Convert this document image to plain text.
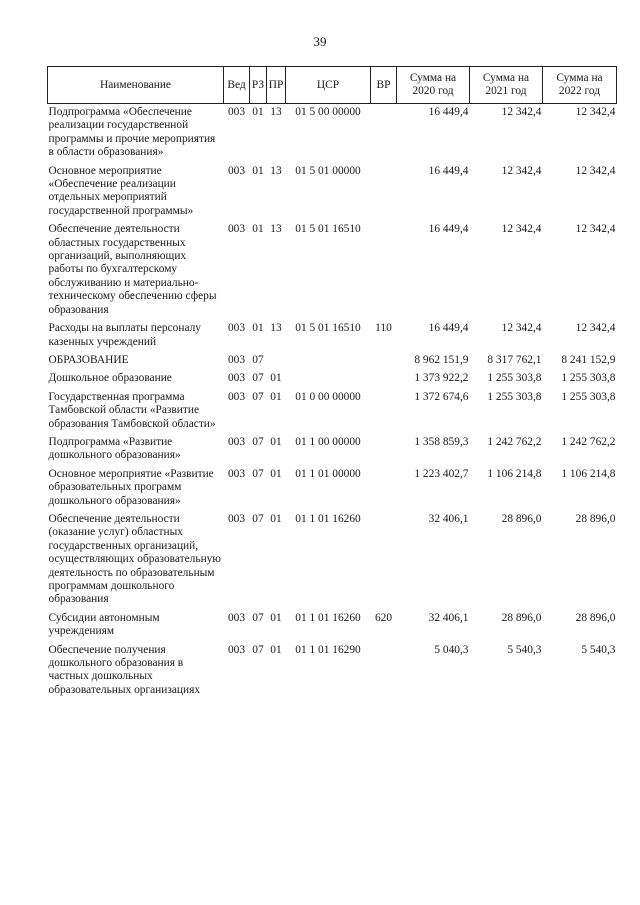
39
Наименование	Вед	РЗ	ПР	ЦСР	ВР	Сумма на 2020 год	Сумма на 2021 год	Сумма на 2022 год
Подпрограмма «Обеспечение реализации государственной программы и прочие мероприятия в области образования»	003	01	13	01 5 00 00000		16 449,4	12 342,4	12 342,4
Основное мероприятие «Обеспечение реализации отдельных мероприятий государственной программы»	003	01	13	01 5 01 00000		16 449,4	12 342,4	12 342,4
Обеспечение деятельности областных государственных организаций, выполняющих работы по бухгалтерскому обслуживанию и материально-техническому обеспечению сферы образования	003	01	13	01 5 01 16510		16 449,4	12 342,4	12 342,4
Расходы на выплаты персоналу казенных учреждений	003	01	13	01 5 01 16510	110	16 449,4	12 342,4	12 342,4
ОБРАЗОВАНИЕ	003	07				8 962 151,9	8 317 762,1	8 241 152,9
Дошкольное образование	003	07	01			1 373 922,2	1 255 303,8	1 255 303,8
Государственная программа Тамбовской области «Развитие образования Тамбовской области»	003	07	01	01 0 00 00000		1 372 674,6	1 255 303,8	1 255 303,8
Подпрограмма «Развитие дошкольного образования»	003	07	01	01 1 00 00000		1 358 859,3	1 242 762,2	1 242 762,2
Основное мероприятие «Развитие образовательных программ дошкольного образования»	003	07	01	01 1 01 00000		1 223 402,7	1 106 214,8	1 106 214,8
Обеспечение деятельности (оказание услуг) областных государственных организаций, осуществляющих образовательную деятельность по образовательным программам дошкольного образования	003	07	01	01 1 01 16260		32 406,1	28 896,0	28 896,0
Субсидии автономным учреждениям	003	07	01	01 1 01 16260	620	32 406,1	28 896,0	28 896,0
Обеспечение получения дошкольного образования в частных дошкольных образовательных организациях	003	07	01	01 1 01 16290		5 040,3	5 540,3	5 540,3
